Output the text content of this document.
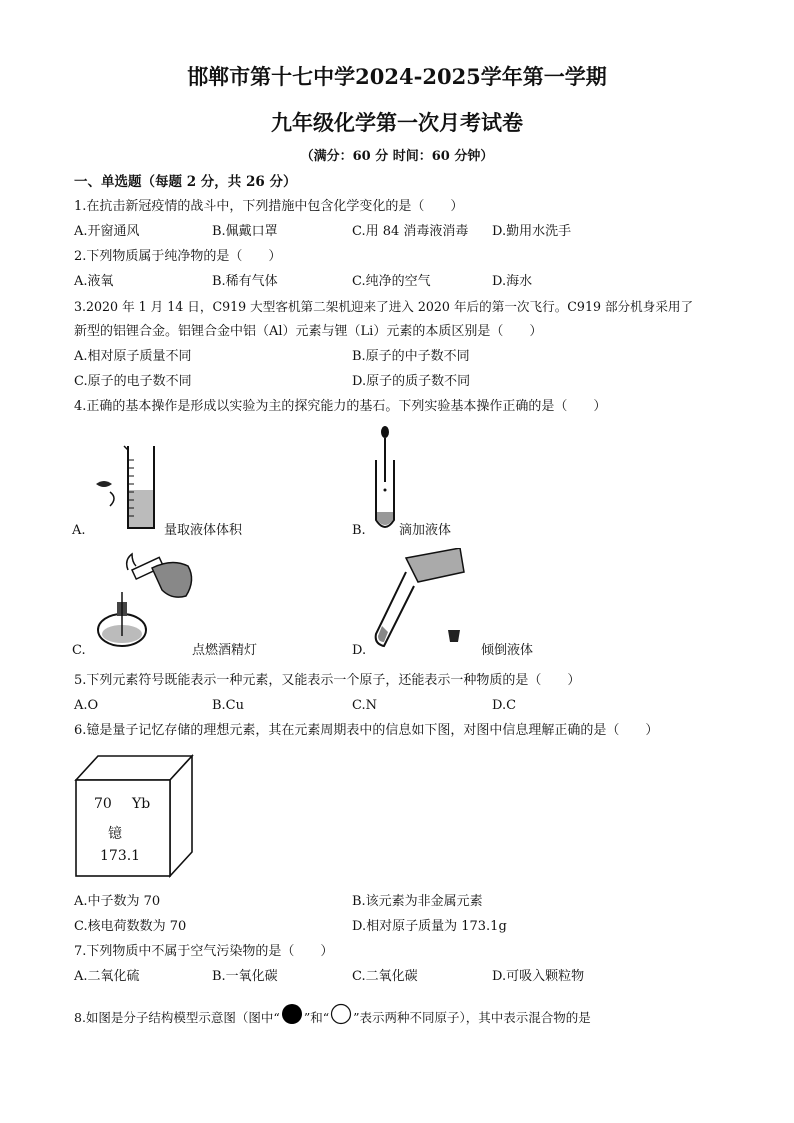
邯郸市第十七中学2024-2025学年第一学期
九年级化学第一次月考试卷
（满分：60 分 时间：60 分钟）
一、单选题（每题 2 分，共 26 分）
1.在抗击新冠疫情的战斗中，下列措施中包含化学变化的是（　　）
A.开窗通风	B.佩戴口罩	C.用 84 消毒液消毒 D.勤用水洗手
2.下列物质属于纯净物的是（　　）
A.液氧	B.稀有气体	C.纯净的空气	D.海水
3.2020 年 1 月 14 日，C919 大型客机第二架机迎来了进入 2020 年后的第一次飞行。C919 部分机身采用了
新型的铝锂合金。铝锂合金中铝（Al）元素与锂（Li）元素的本质区别是（　　）
A.相对原子质量不同	B.原子的中子数不同
C.原子的电子数不同	D.原子的质子数不同
4.正确的基本操作是形成以实验为主的探究能力的基石。下列实验基本操作正确的是（　　）
A.	量取液体体积	B.	滴加液体
C.	点燃酒精灯	D.	倾倒液体
5.下列元素符号既能表示一种元素，又能表示一个原子，还能表示一种物质的是（　　）
A.O	B.Cu	C.N	D.C
6.镱是量子记忆存储的理想元素，其在元素周期表中的信息如下图，对图中信息理解正确的是（　　）
70 Yb
镱
173.1
A.中子数为 70	B.该元素为非金属元素
C.核电荷数数为 70	D.相对原子质量为 173.1g
7.下列物质中不属于空气污染物的是（　　）
A.二氧化硫	B.一氧化碳	C.二氧化碳	D.可吸入颗粒物
8.如图是分子结构模型示意图（图中“ ”和“ ”表示两种不同原子），其中表示混合物的是
